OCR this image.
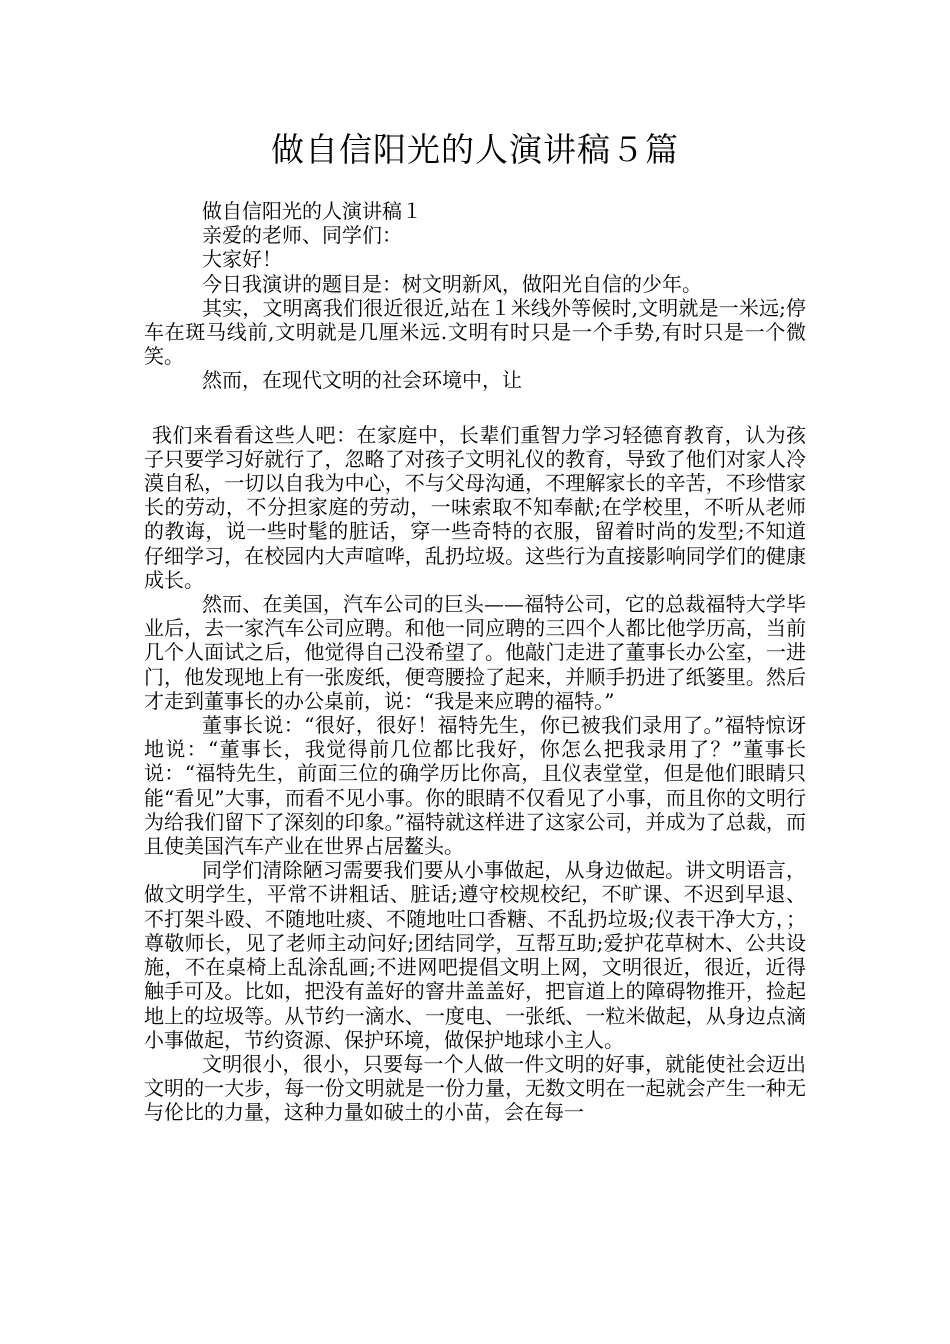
做自信阳光的人演讲稿５篇

做自信阳光的人演讲稿１

亲爱的老师、同学们：

大家好！

今日我演讲的题目是：树文明新风，做阳光自信的少年。

其实，文明离我们很近很近,站在１米线外等候时,文明就是一米远;停车在斑马线前,文明就是几厘米远.文明有时只是一个手势,有时只是一个微笑。

然而，在现代文明的社会环境中，让

我们来看看这些人吧：在家庭中，长辈们重智力学习轻德育教育，认为孩子只要学习好就行了，忽略了对孩子文明礼仪的教育，导致了他们对家人冷漠自私，一切以自我为中心，不与父母沟通，不理解家长的辛苦，不珍惜家长的劳动，不分担家庭的劳动，一味索取不知奉献;在学校里，不听从老师的教诲，说一些时髦的脏话，穿一些奇特的衣服，留着时尚的发型;不知道仔细学习，在校园内大声喧哗，乱扔垃圾。这些行为直接影响同学们的健康成长。

然而、在美国，汽车公司的巨头——福特公司，它的总裁福特大学毕业后，去一家汽车公司应聘。和他一同应聘的三四个人都比他学历高，当前几个人面试之后，他觉得自己没希望了。他敲门走进了董事长办公室，一进门，他发现地上有一张废纸，便弯腰捡了起来，并顺手扔进了纸篓里。然后才走到董事长的办公桌前，说：“我是来应聘的福特。”

董事长说：“很好，很好！福特先生，你已被我们录用了。”福特惊讶地说：“董事长，我觉得前几位都比我好，你怎么把我录用了？”董事长说：“福特先生，前面三位的确学历比你高，且仪表堂堂，但是他们眼睛只能“看见”大事，而看不见小事。你的眼睛不仅看见了小事，而且你的文明行为给我们留下了深刻的印象。”福特就这样进了这家公司，并成为了总裁，而且使美国汽车产业在世界占居鳌头。

同学们清除陋习需要我们要从小事做起，从身边做起。讲文明语言，做文明学生，平常不讲粗话、脏话;遵守校规校纪，不旷课、不迟到早退、不打架斗殴、不随地吐痰、不随地吐口香糖、不乱扔垃圾;仪表干净大方，；尊敬师长，见了老师主动问好;团结同学，互帮互助;爱护花草树木、公共设施，不在桌椅上乱涂乱画;不进网吧提倡文明上网，文明很近，很近，近得触手可及。比如，把没有盖好的窨井盖盖好，把盲道上的障碍物推开，捡起地上的垃圾等。从节约一滴水、一度电、一张纸、一粒米做起，从身边点滴小事做起，节约资源、保护环境，做保护地球小主人。

文明很小，很小，只要每一个人做一件文明的好事，就能使社会迈出文明的一大步，每一份文明就是一份力量，无数文明在一起就会产生一种无与伦比的力量，这种力量如破土的小苗，会在每一
